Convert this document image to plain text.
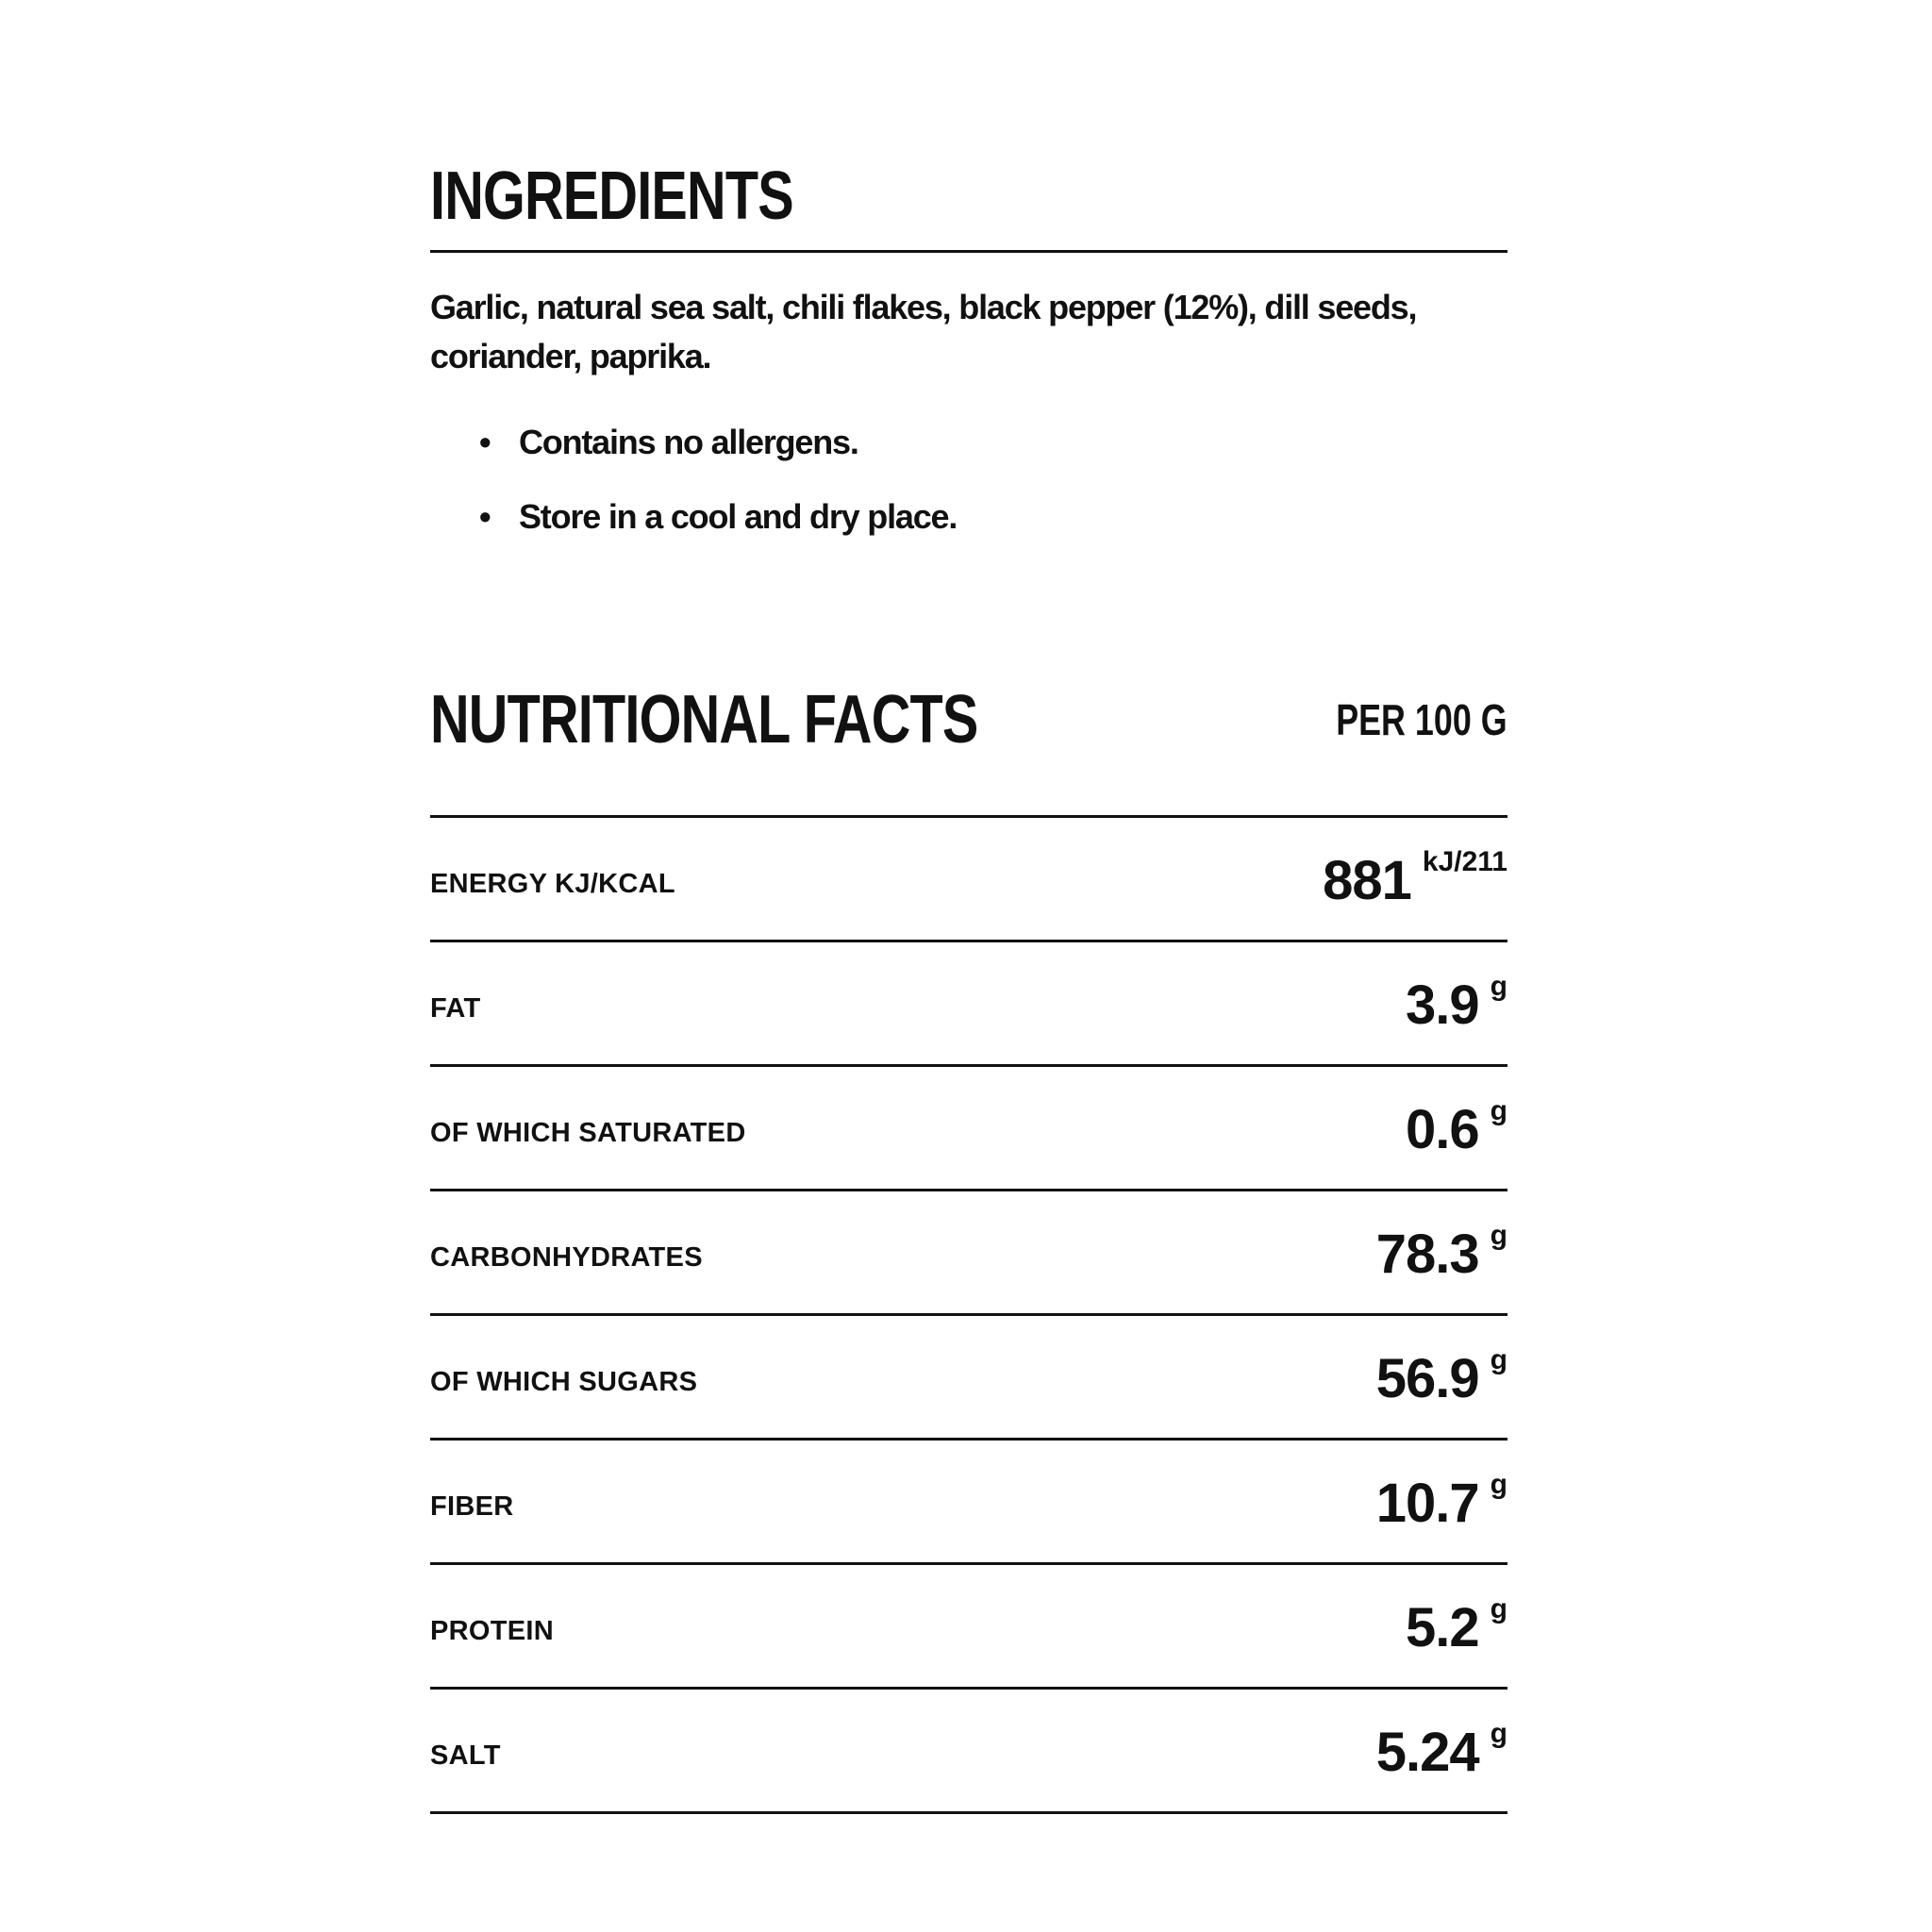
INGREDIENTS

Garlic, natural sea salt, chili flakes, black pepper (12%), dill seeds, coriander, paprika.

• Contains no allergens.
• Store in a cool and dry place.
NUTRITIONAL FACTS	PER 100 G
ENERGY KJ/KCAL	881 kJ/211
FAT	3.9 g
OF WHICH SATURATED	0.6 g
CARBONHYDRATES	78.3 g
OF WHICH SUGARS	56.9 g
FIBER	10.7 g
PROTEIN	5.2 g
SALT	5.24 g
